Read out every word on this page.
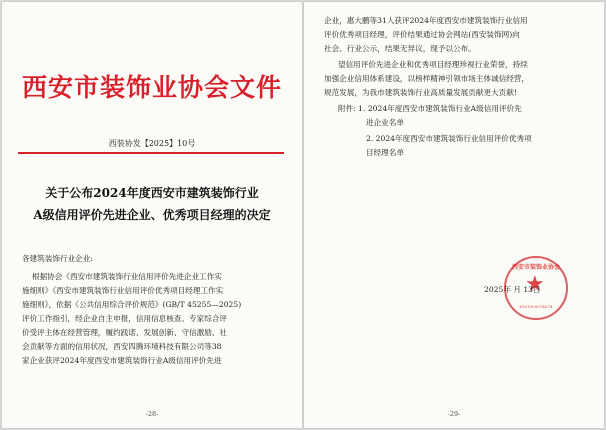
西安市装饰业协会文件
西装协发【2025】10号
关于公布2024年度西安市建筑装饰行业
A级信用评价先进企业、优秀项目经理的决定
各建筑装饰行业企业:
根据协会《西安市建筑装饰行业信用评价先进企业工作实
施细则》《西安市建筑装饰行业信用评价优秀项目经理工作实
施细则》，依据《公共信用综合评价规范》(GB/T 45255—2025)
评价工作指引，经企业自主申报，信用信息核查、专家综合评
价受评主体在经营管理，履约践诺、发展创新、守信激励、社
会贡献等方面的信用状况，西安四腾环境科技有限公司等38
家企业获评2024年度西安市建筑装饰行业A级信用评价先进
-28-
企业，惠大鹏等31人获评2024年度西安市建筑装饰行业信用
评价优秀项目经理，评价结果通过协会网站(西安装饰网)向
社会、行业公示，结果无异议，现予以公布。
望信用评价先进企业和优秀项目经理珍视行业荣誉，持续
加强企业信用体系建设，以榜样精神引领市场主体诚信经营，
规范发展，为我市建筑装饰行业高质量发展贡献更大贡献!
附件: 1. 2024年度西安市建筑装饰行业A级信用评价先
进企业名单
2. 2024年度西安市建筑装饰行业信用评价优秀项
目经理名单
西安市装饰业协会
★
6101000034574
2025年 月 13日
-29-
